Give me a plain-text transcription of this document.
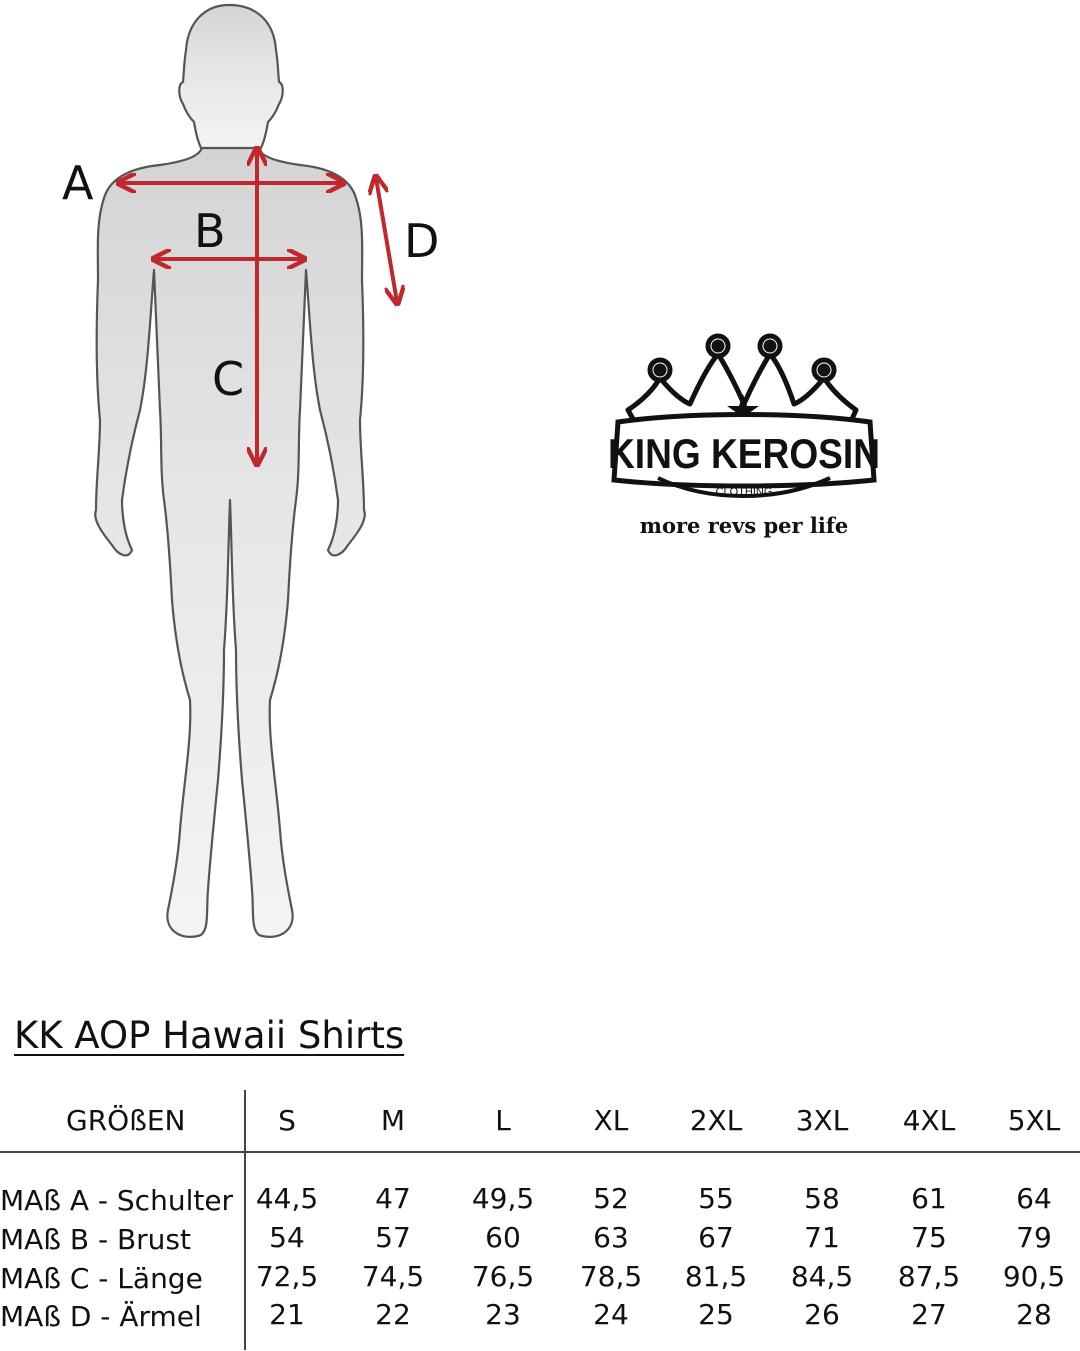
A
B
C
D
KING KEROSIN
CLOTHING
more revs per life
KK AOP Hawaii Shirts
GRÖßEN	S	M	L	XL 2XL 3XL 4XL 5XL
MAß A - Schulter 44,5 47 49,5 52 55	58	61 64
MAß B - Brust	54	57	60	63 67	71	75 79
MAß C - Länge 72,5 74,5 76,5 78,5 81,5 84,5 87,5 90,5
MAß D - Ärmel 21	22	23	24 25	26	27 28
